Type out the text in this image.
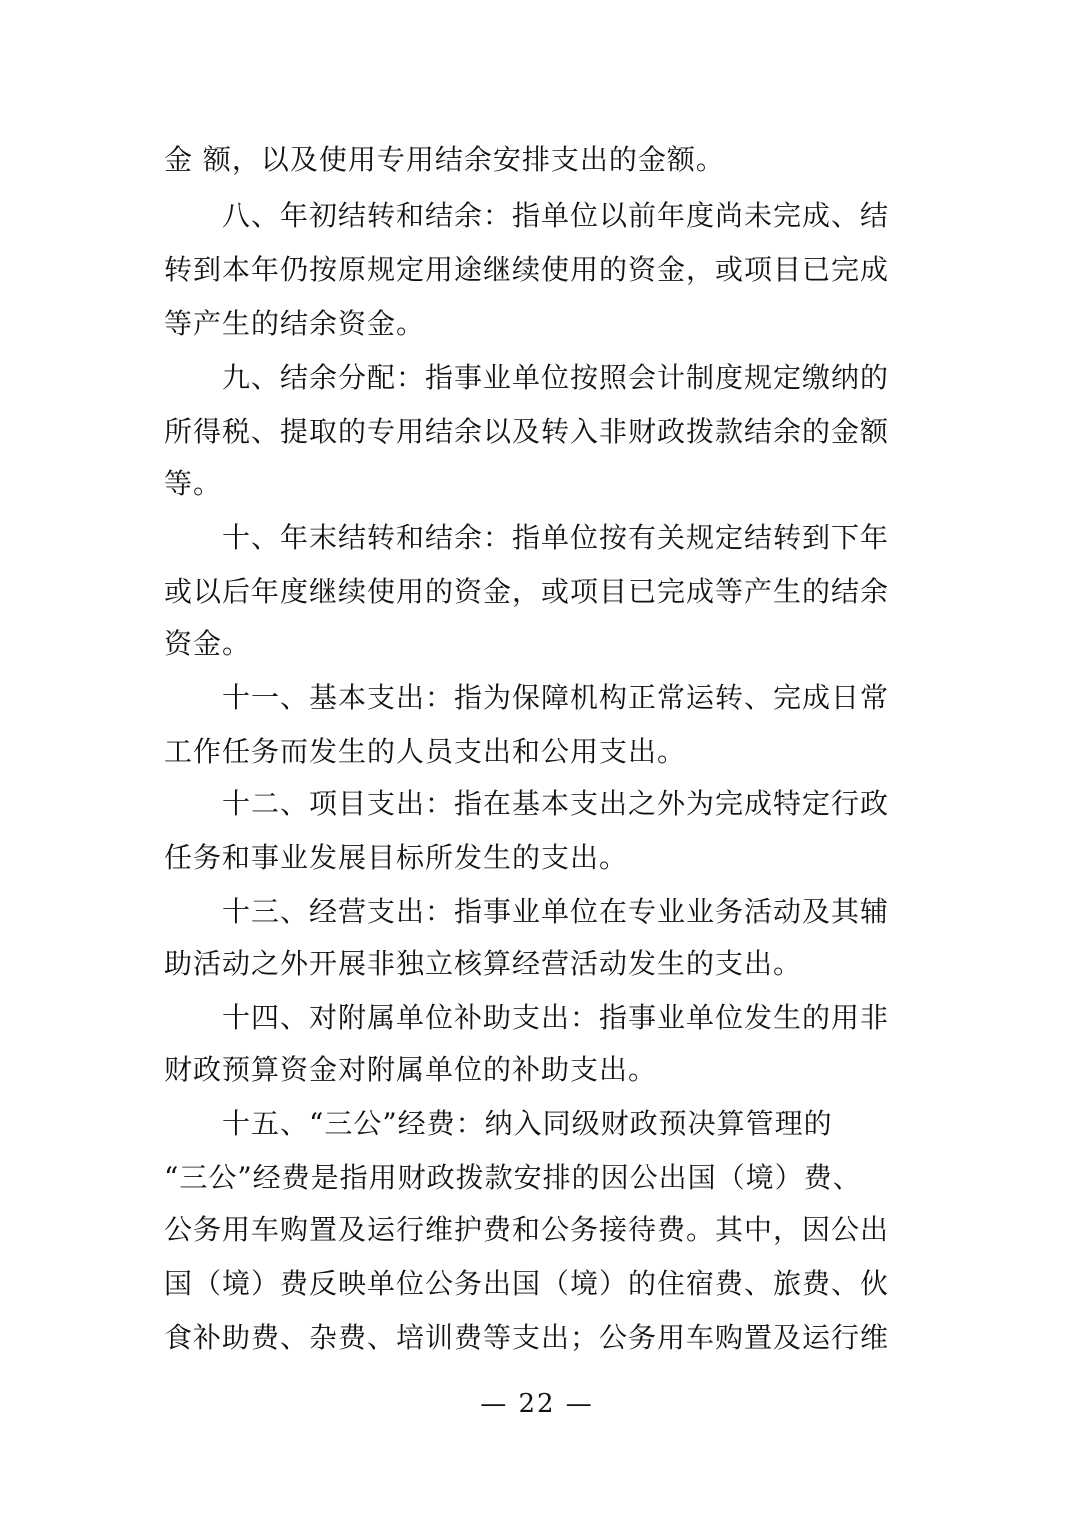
金 额，以及使用专用结余安排支出的金额。
　　八、年初结转和结余：指单位以前年度尚未完成、结
转到本年仍按原规定用途继续使用的资金，或项目已完成
等产生的结余资金。
　　九、结余分配：指事业单位按照会计制度规定缴纳的
所得税、提取的专用结余以及转入非财政拨款结余的金额
等。
　　十、年末结转和结余：指单位按有关规定结转到下年
或以后年度继续使用的资金，或项目已完成等产生的结余
资金。
　　十一、基本支出：指为保障机构正常运转、完成日常
工作任务而发生的人员支出和公用支出。
　　十二、项目支出：指在基本支出之外为完成特定行政
任务和事业发展目标所发生的支出。
　　十三、经营支出：指事业单位在专业业务活动及其辅
助活动之外开展非独立核算经营活动发生的支出。
　　十四、对附属单位补助支出：指事业单位发生的用非
财政预算资金对附属单位的补助支出。
　　十五、“三公”经费：纳入同级财政预决算管理的
“三公”经费是指用财政拨款安排的因公出国（境）费、
公务用车购置及运行维护费和公务接待费。其中，因公出
国（境）费反映单位公务出国（境）的住宿费、旅费、伙
食补助费、杂费、培训费等支出；公务用车购置及运行维
— 22 —
